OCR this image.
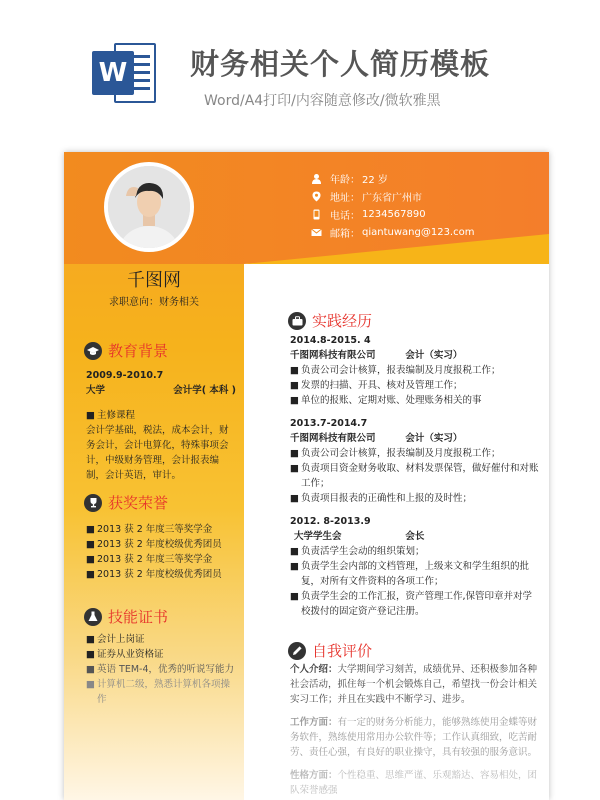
W 财务相关个人简历模板
Word/A4打印/内容随意修改/微软雅黑
年龄： 22 岁
地址： 广东省广州市
电话： 1234567890
邮箱： qiantuwang@123.com
千图网
求职意向：财务相关
教育背景
2009.9-2010.7
大学	会计学( 本科 )
■ 主修课程
会计学基础，税法，成本会计，财务会计，会计电算化，特殊事项会计，中级财务管理，会计报表编制，会计英语，审计。
获奖荣誉
■ 2013 获 2 年度三等奖学金
■ 2013 获 2 年度校级优秀团员
■ 2013 获 2 年度三等奖学金
■ 2013 获 2 年度校级优秀团员
技能证书
■ 会计上岗证
■ 证券从业资格证
■ 英语 TEM-4，优秀的听说写能力
■ 计算机二级，熟悉计算机各项操作
实践经历
2014.8-2015. 4
千图网科技有限公司	会计（实习）
■ 负责公司会计核算，报表编制及月度报税工作；
■ 发票的扫描、开具、核对及管理工作；
■ 单位的报账、定期对账、处理账务相关的事
2013.7-2014.7
千图网科技有限公司	会计（实习）
■ 负责公司会计核算，报表编制及月度报税工作；
■ 负责项目资金财务收取、材料发票保管，做好催付和对账工作；
■ 负责项目报表的正确性和上报的及时性；
2012. 8-2013.9
大学学生会	会长
■ 负责活学生会动的组织策划；
■ 负责学生会内部的文档管理，上级来文和学生组织的批复，对所有文件资料的各项工作；
■ 负责学生会的工作汇报，资产管理工作,保管印章并对学校拨付的固定资产登记注册。
自我评价
个人介绍：大学期间学习刻苦，成绩优异、还积极参加各种社会活动，抓住每一个机会锻炼自己，希望找一份会计相关实习工作；并且在实践中不断学习、进步。
工作方面：有一定的财务分析能力，能够熟练使用金蝶等财务软件，熟练使用常用办公软件等；工作认真细致，吃苦耐劳、责任心强，有良好的职业操守，具有较强的服务意识。
性格方面：个性稳重、思维严谨、乐观豁达、容易相处，团队荣誉感强
